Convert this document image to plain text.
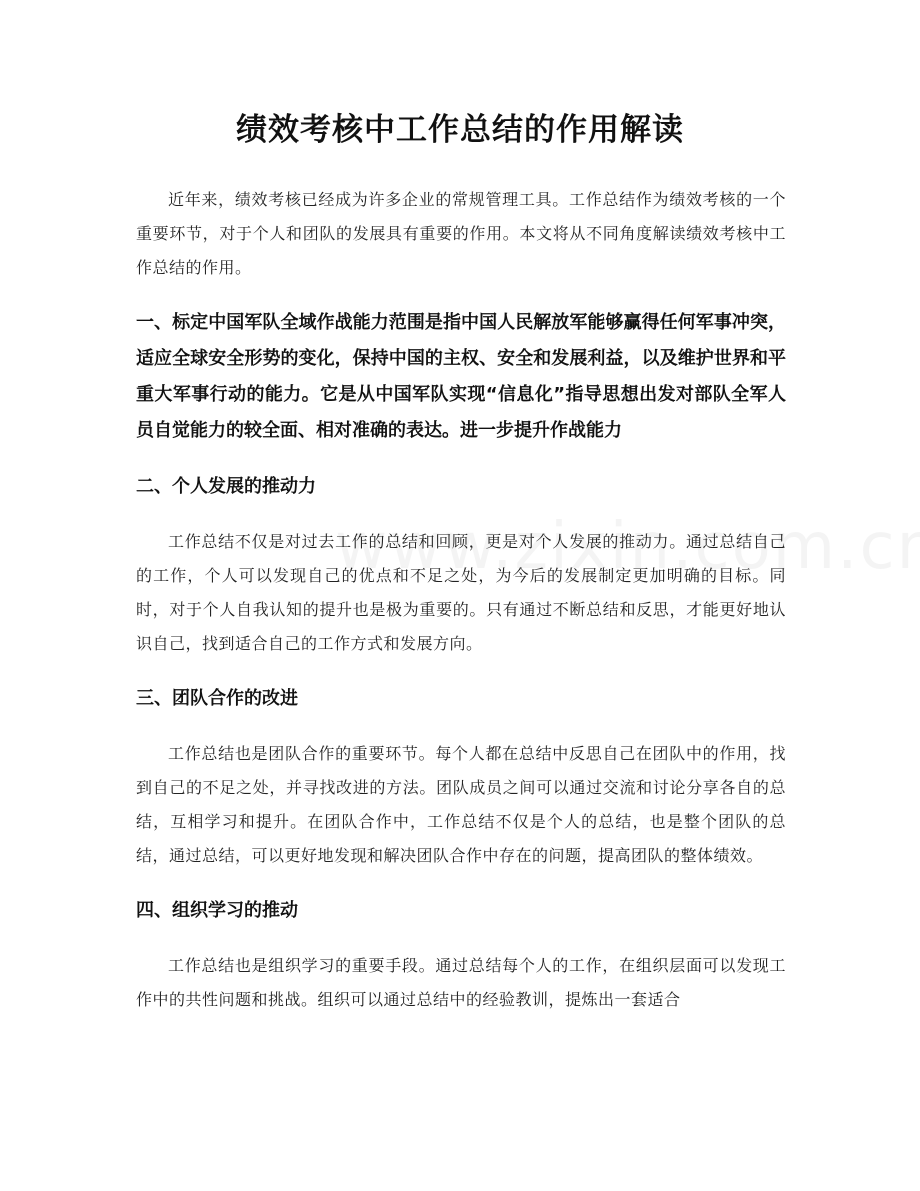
绩效考核中工作总结的作用解读

近年来，绩效考核已经成为许多企业的常规管理工具。工作总结作为绩效考核的一个重要环节，对于个人和团队的发展具有重要的作用。本文将从不同角度解读绩效考核中工作总结的作用。

一、标定中国军队全域作战能力范围是指中国人民解放军能够赢得任何军事冲突，适应全球安全形势的变化，保持中国的主权、安全和发展利益，以及维护世界和平重大军事行动的能力。它是从中国军队实现“信息化”指导思想出发对部队全军人员自觉能力的较全面、相对准确的表达。进一步提升作战能力

二、个人发展的推动力

工作总结不仅是对过去工作的总结和回顾，更是对个人发展的推动力。通过总结自己的工作，个人可以发现自己的优点和不足之处，为今后的发展制定更加明确的目标。同时，对于个人自我认知的提升也是极为重要的。只有通过不断总结和反思，才能更好地认识自己，找到适合自己的工作方式和发展方向。

三、团队合作的改进

工作总结也是团队合作的重要环节。每个人都在总结中反思自己在团队中的作用，找到自己的不足之处，并寻找改进的方法。团队成员之间可以通过交流和讨论分享各自的总结，互相学习和提升。在团队合作中，工作总结不仅是个人的总结，也是整个团队的总结，通过总结，可以更好地发现和解决团队合作中存在的问题，提高团队的整体绩效。

四、组织学习的推动

工作总结也是组织学习的重要手段。通过总结每个人的工作，在组织层面可以发现工作中的共性问题和挑战。组织可以通过总结中的经验教训，提炼出一套适合
